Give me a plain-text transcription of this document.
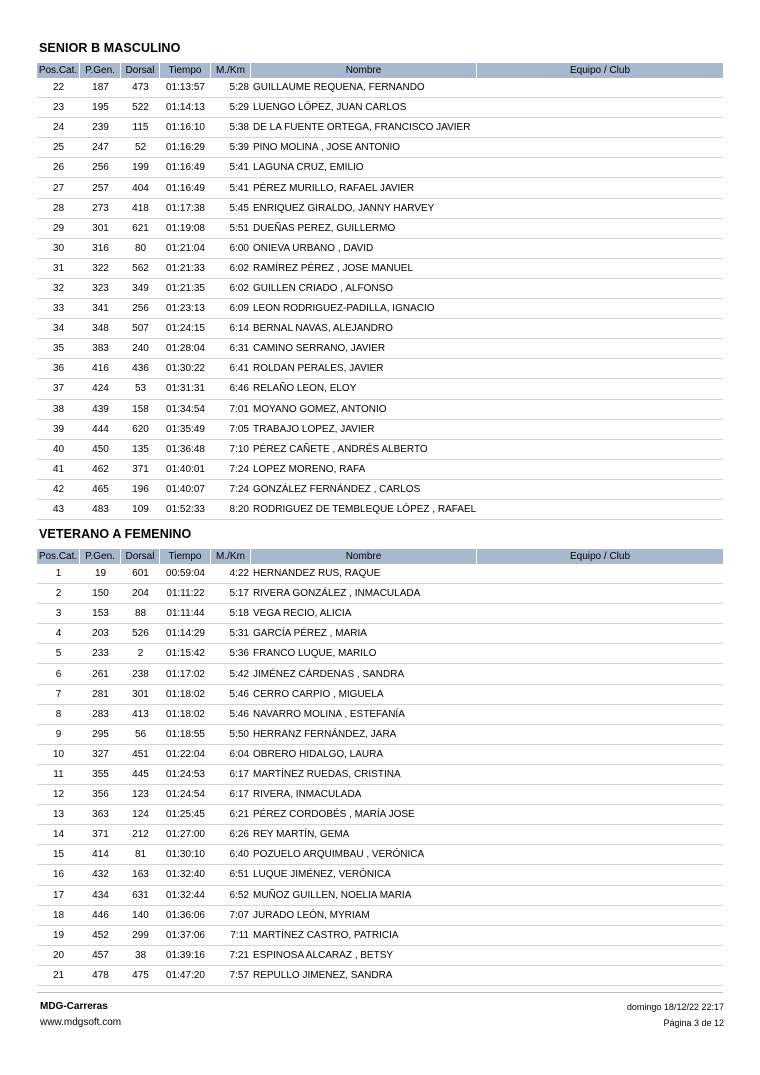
SENIOR B MASCULINO
Pos.Cat. P.Gen.	Dorsal	Tiempo	M./Km	Nombre	Equipo / Club
22	187	473	01:13:57	5:28 GUILLAUME REQUENA, FERNANDO
23	195	522	01:14:13	5:29 LUENGO LÓPEZ, JUAN CARLOS
24	239	115	01:16:10	5:38 DE LA FUENTE ORTEGA, FRANCISCO JAVIER
25	247	52	01:16:29	5:39 PINO MOLINA , JOSE ANTONIO
26	256	199	01:16:49	5:41 LAGUNA CRUZ, EMILIO
27	257	404	01:16:49	5:41 PÉREZ MURILLO, RAFAEL JAVIER
28	273	418	01:17:38	5:45 ENRIQUEZ GIRALDO, JANNY HARVEY
29	301	621	01:19:08	5:51 DUEÑAS PEREZ, GUILLERMO
30	316	80	01:21:04	6:00 ONIEVA URBANO , DAVID
31	322	562	01:21:33	6:02 RAMÍREZ PÉREZ , JOSE MANUEL
32	323	349	01:21:35	6:02 GUILLEN CRIADO , ALFONSO
33	341	256	01:23:13	6:09 LEON RODRIGUEZ-PADILLA, IGNACIO
34	348	507	01:24:15	6:14 BERNAL NAVAS, ALEJANDRO
35	383	240	01:28:04	6:31 CAMINO SERRANO, JAVIER
36	416	436	01:30:22	6:41 ROLDAN PERALES, JAVIER
37	424	53	01:31:31	6:46 RELAÑO LEON, ELOY
38	439	158	01:34:54	7:01 MOYANO GOMEZ, ANTONIO
39	444	620	01:35:49	7:05 TRABAJO LOPEZ, JAVIER
40	450	135	01:36:48	7:10 PÉREZ CAÑETE , ANDRÉS ALBERTO
41	462	371	01:40:01	7:24 LOPEZ MORENO, RAFA
42	465	196	01:40:07	7:24 GONZÁLEZ FERNÁNDEZ , CARLOS
43	483	109	01:52:33	8:20 RODRIGUEZ DE TEMBLEQUE LÓPEZ , RAFAEL
VETERANO A FEMENINO
Pos.Cat. P.Gen.	Dorsal	Tiempo	M./Km	Nombre	Equipo / Club
1	19	601	00:59:04	4:22 HERNANDEZ RUS, RAQUE
2	150	204	01:11:22	5:17 RIVERA GONZÁLEZ , INMACULADA
3	153	88	01:11:44	5:18 VEGA RECIO, ALICIA
4	203	526	01:14:29	5:31 GARCÍA PÉREZ , MARIA
5	233	2	01:15:42	5:36 FRANCO LUQUE, MARILO
6	261	238	01:17:02	5:42 JIMÉNEZ CÁRDENAS , SANDRA
7	281	301	01:18:02	5:46 CERRO CARPIO , MIGUELA
8	283	413	01:18:02	5:46 NAVARRO MOLINA , ESTEFANÍA
9	295	56	01:18:55	5:50 HERRANZ FERNÁNDEZ, JARA
10	327	451	01:22:04	6:04 OBRERO HIDALGO, LAURA
11	355	445	01:24:53	6:17 MARTÍNEZ RUEDAS, CRISTINA
12	356	123	01:24:54	6:17 RIVERA, INMACULADA
13	363	124	01:25:45	6:21 PÉREZ CORDOBÉS , MARÍA JOSE
14	371	212	01:27:00	6:26 REY MARTÍN, GEMA
15	414	81	01:30:10	6:40 POZUELO ARQUIMBAU , VERÓNICA
16	432	163	01:32:40	6:51 LUQUE JIMÉNEZ, VERÓNICA
17	434	631	01:32:44	6:52 MUÑOZ GUILLEN, NOELIA MARIA
18	446	140	01:36:06	7:07 JURADO LEÓN, MYRIAM
19	452	299	01:37:06	7:11 MARTÍNEZ CASTRO, PATRICIA
20	457	38	01:39:16	7:21 ESPINOSA ALCARAZ , BETSY
21	478	475	01:47:20	7:57 REPULLO JIMENEZ, SANDRA
MDG-Carreras
www.mdgsoft.com
domingo 18/12/22 22:17
Página 3 de 12
